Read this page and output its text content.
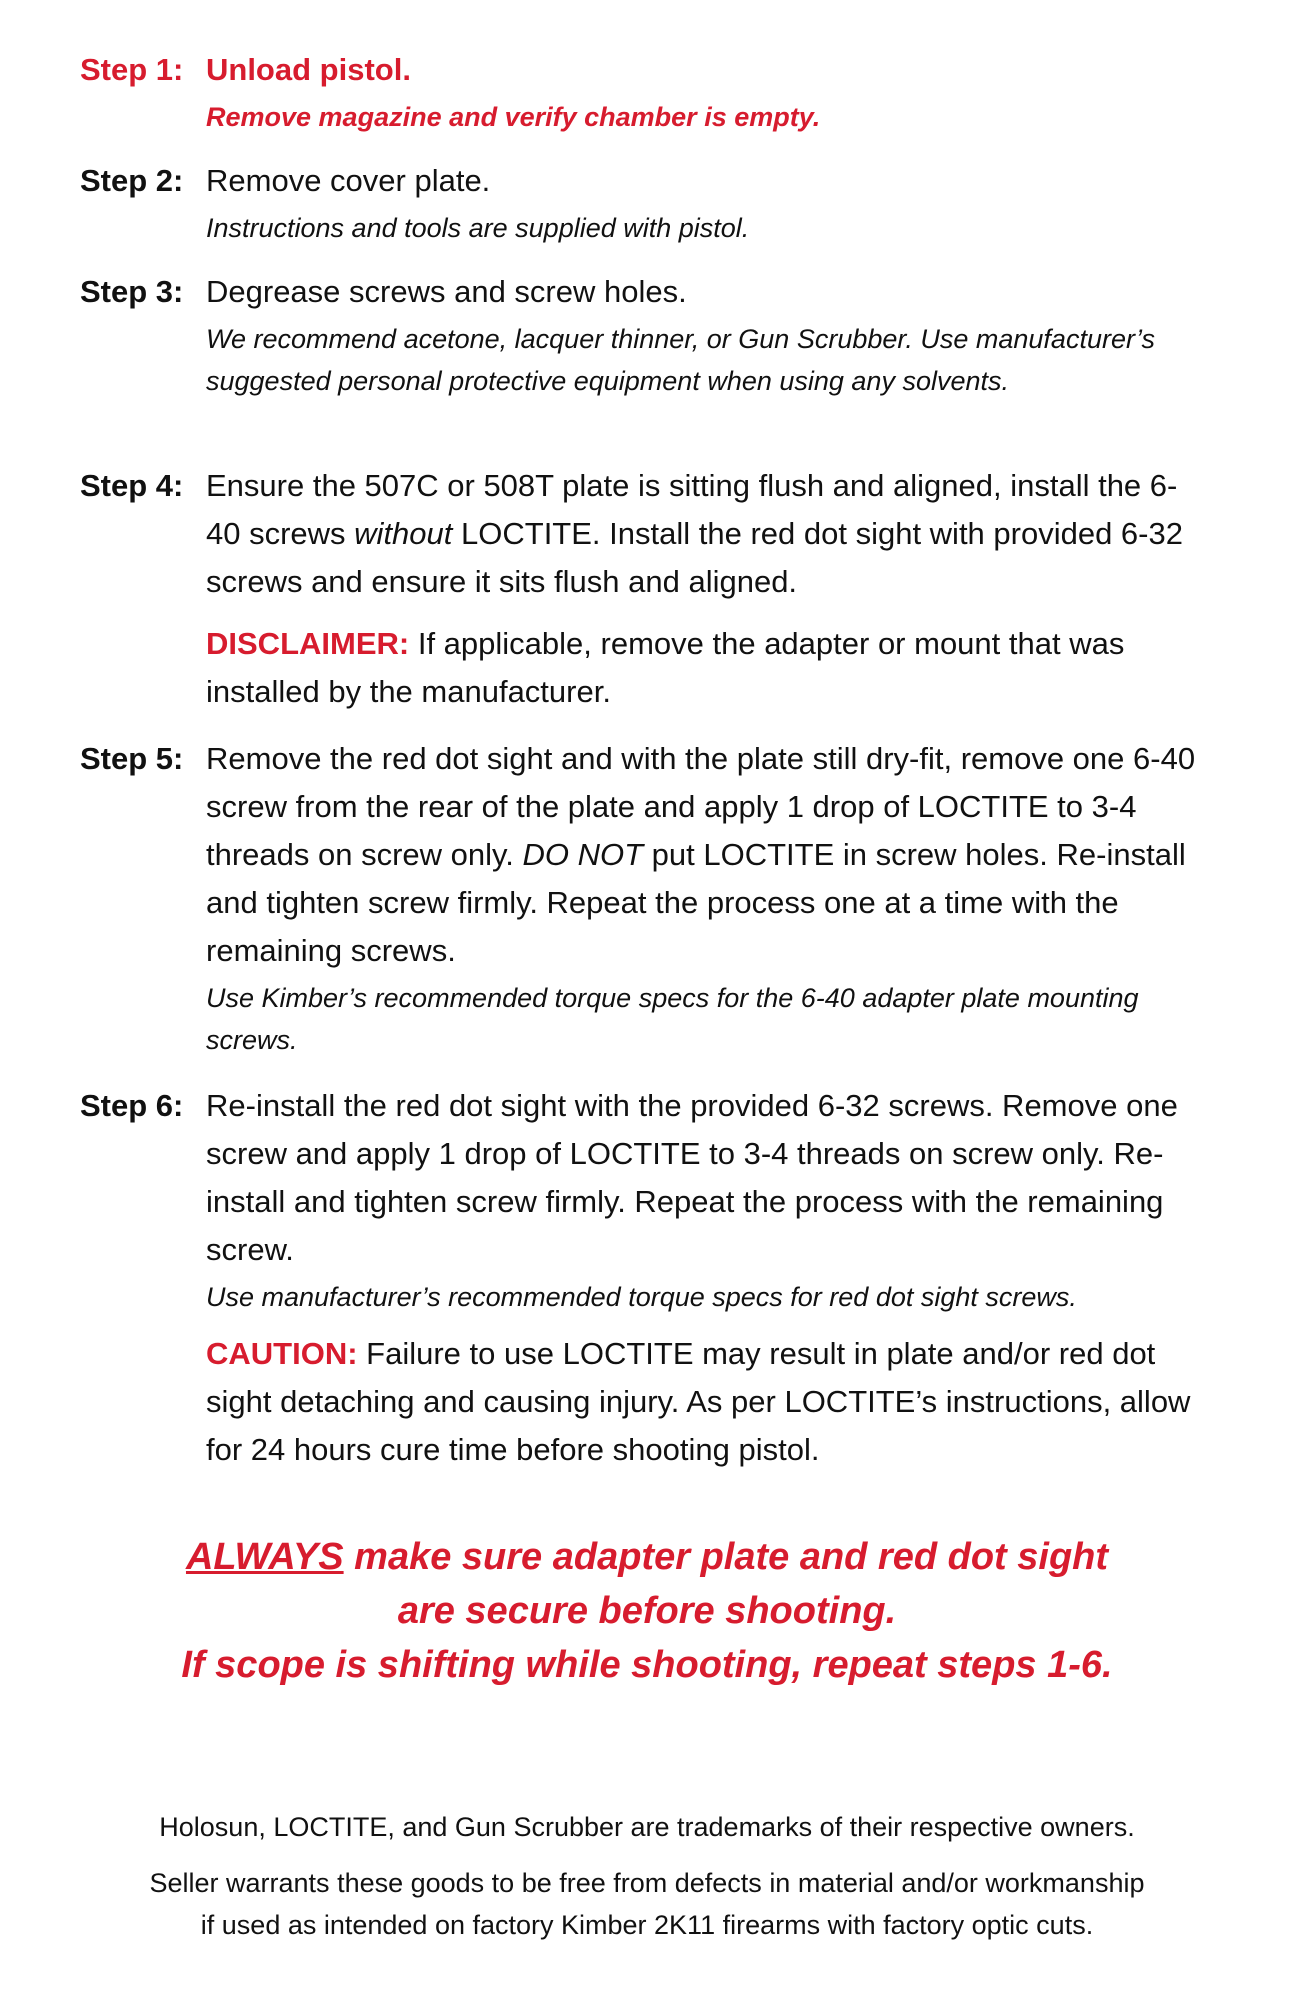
Step 1: Unload pistol.
Remove magazine and verify chamber is empty.
Step 2: Remove cover plate.
Instructions and tools are supplied with pistol.
Step 3: Degrease screws and screw holes.
We recommend acetone, lacquer thinner, or Gun Scrubber. Use manufacturer’s suggested personal protective equipment when using any solvents.
Step 4: Ensure the 507C or 508T plate is sitting flush and aligned, install the 6-40 screws without LOCTITE. Install the red dot sight with provided 6-32 screws and ensure it sits flush and aligned.
DISCLAIMER: If applicable, remove the adapter or mount that was installed by the manufacturer.
Step 5: Remove the red dot sight and with the plate still dry-fit, remove one 6-40 screw from the rear of the plate and apply 1 drop of LOCTITE to 3-4 threads on screw only. DO NOT put LOCTITE in screw holes. Re-install and tighten screw firmly. Repeat the process one at a time with the remaining screws.
Use Kimber’s recommended torque specs for the 6-40 adapter plate mounting screws.
Step 6: Re-install the red dot sight with the provided 6-32 screws. Remove one screw and apply 1 drop of LOCTITE to 3-4 threads on screw only. Re-install and tighten screw firmly. Repeat the process with the remaining screw.
Use manufacturer’s recommended torque specs for red dot sight screws.
CAUTION: Failure to use LOCTITE may result in plate and/or red dot sight detaching and causing injury. As per LOCTITE’s instructions, allow for 24 hours cure time before shooting pistol.
ALWAYS make sure adapter plate and red dot sight
are secure before shooting.
If scope is shifting while shooting, repeat steps 1-6.
Holosun, LOCTITE, and Gun Scrubber are trademarks of their respective owners.
Seller warrants these goods to be free from defects in material and/or workmanship
if used as intended on factory Kimber 2K11 firearms with factory optic cuts.
